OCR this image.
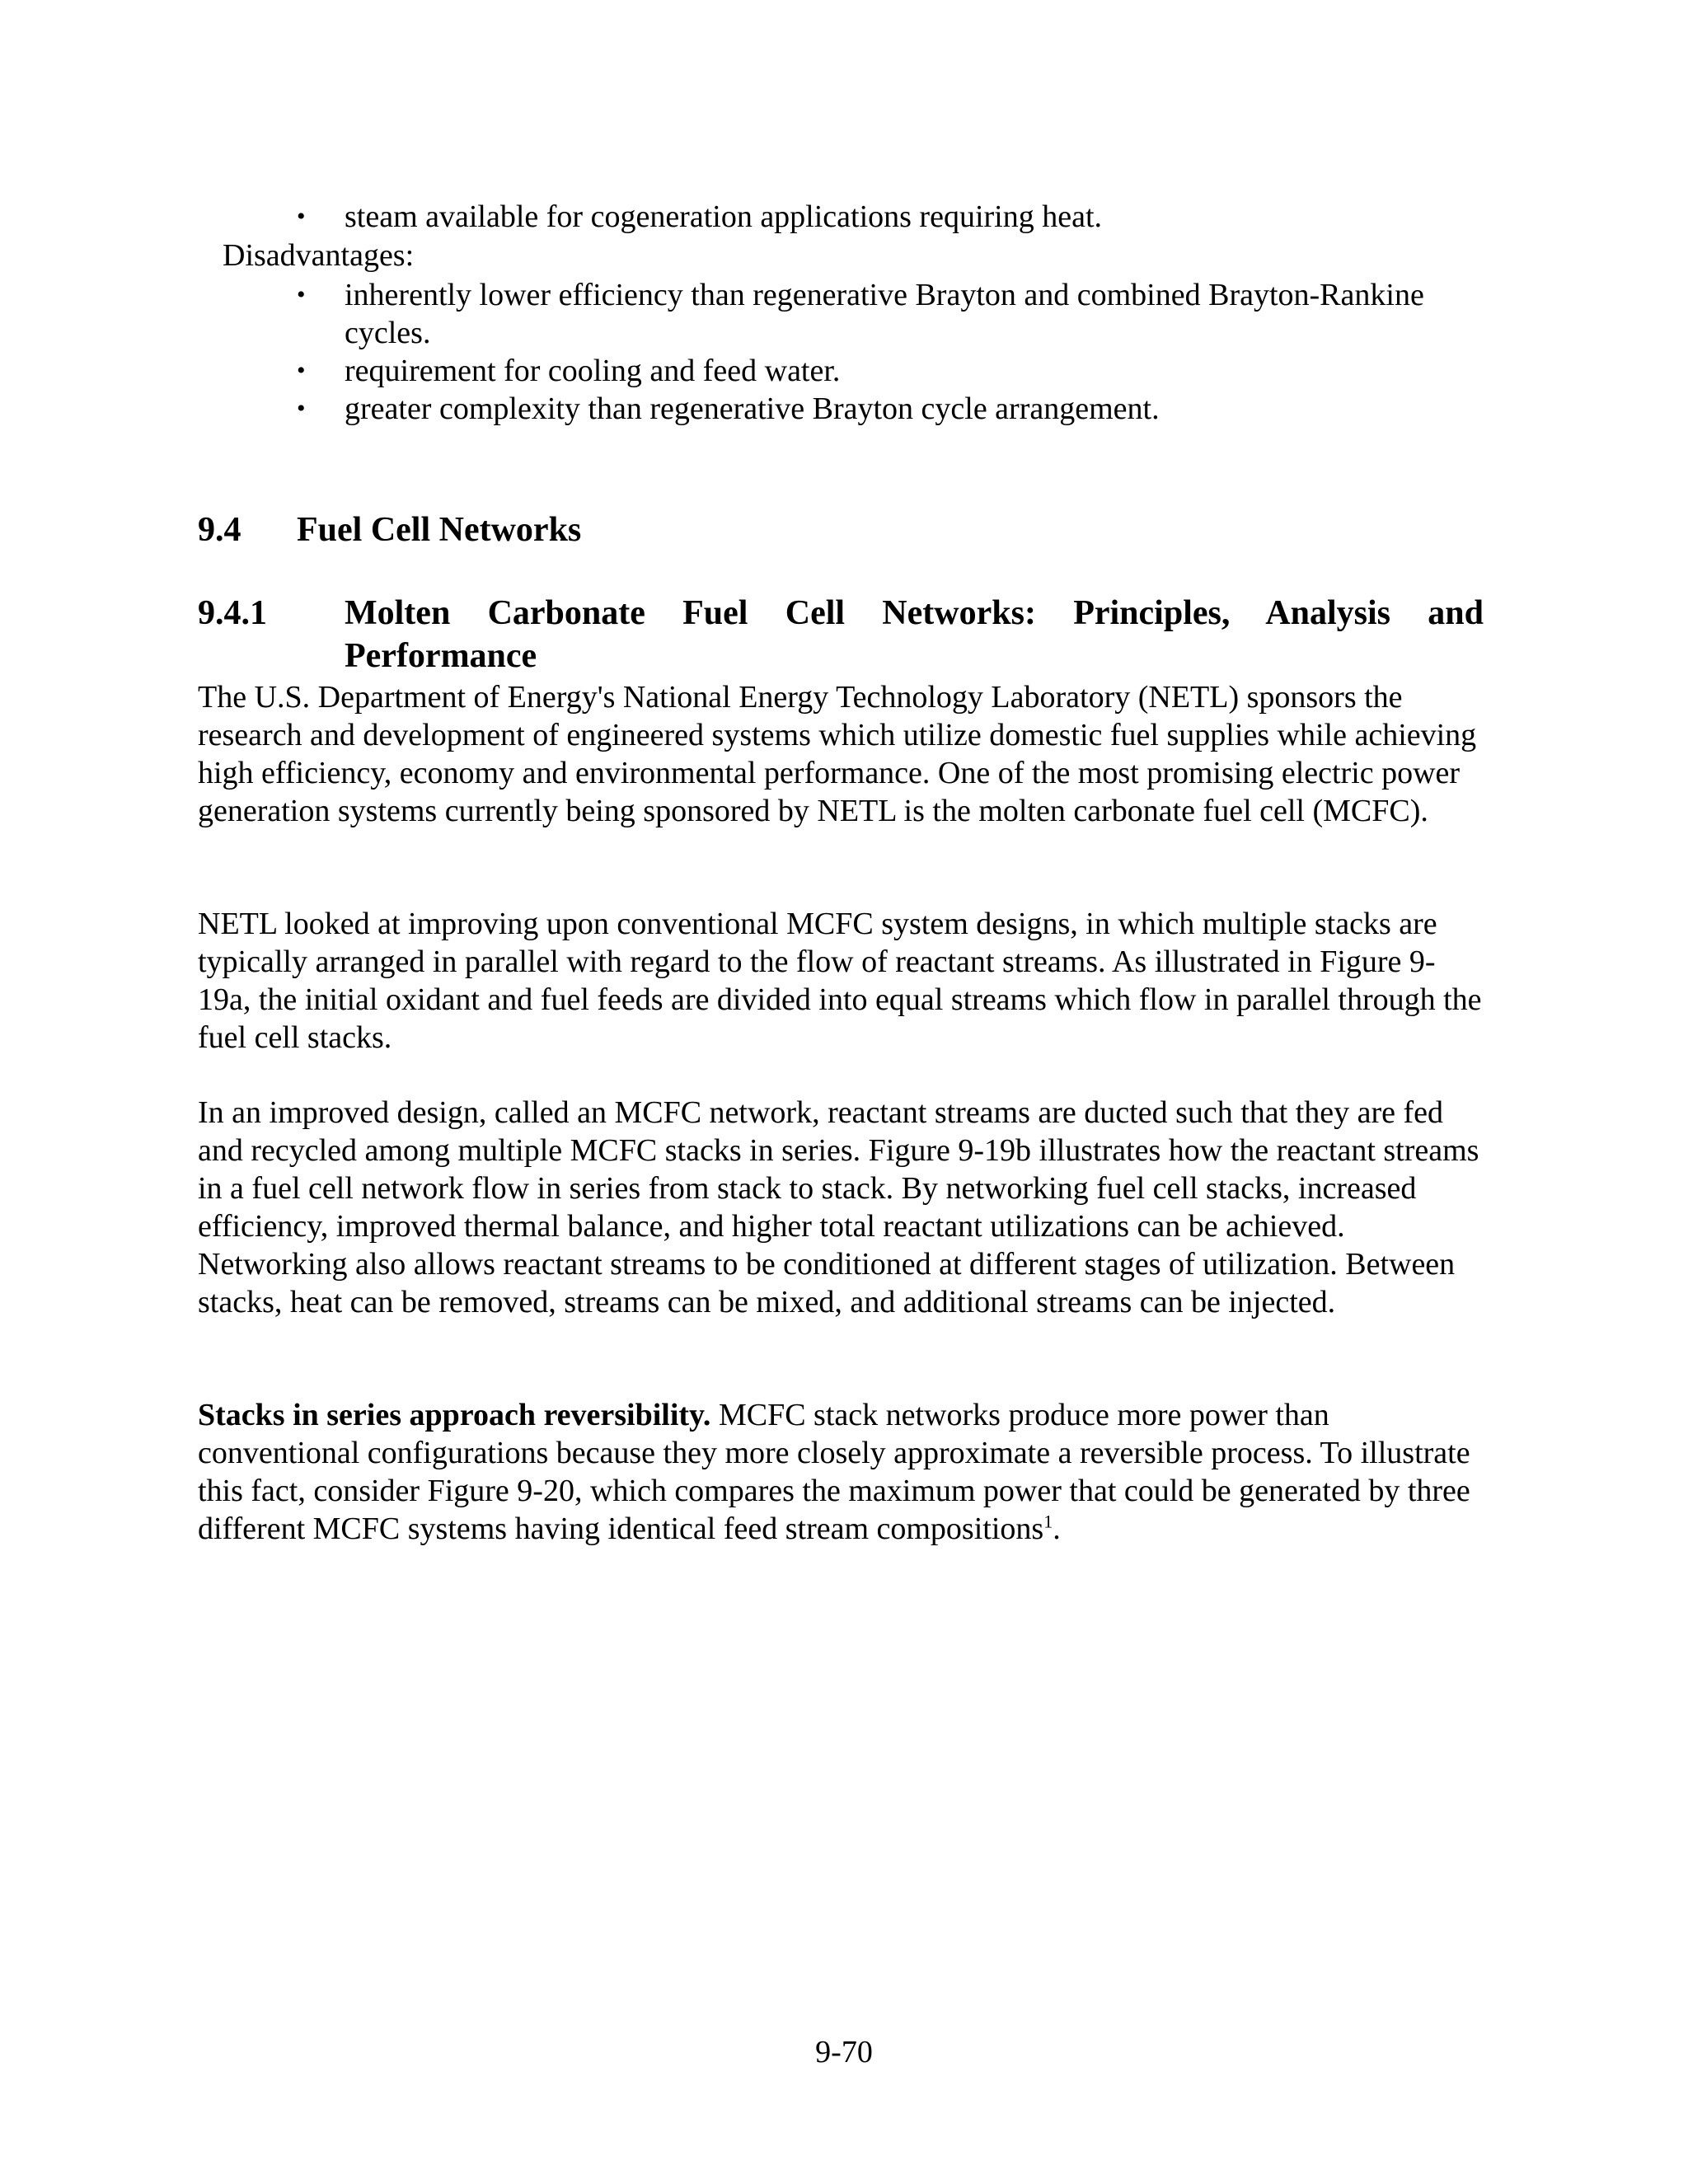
• steam available for cogeneration applications requiring heat.
Disadvantages:
• inherently lower efficiency than regenerative Brayton and combined Brayton-Rankine cycles.
• requirement for cooling and feed water.
• greater complexity than regenerative Brayton cycle arrangement.
9.4 Fuel Cell Networks
9.4.1 Molten Carbonate Fuel Cell Networks: Principles, Analysis and
Performance

The U.S. Department of Energy's National Energy Technology Laboratory (NETL) sponsors the research and development of engineered systems which utilize domestic fuel supplies while achieving high efficiency, economy and environmental performance. One of the most promising electric power generation systems currently being sponsored by NETL is the molten carbonate fuel cell (MCFC).

NETL looked at improving upon conventional MCFC system designs, in which multiple stacks are typically arranged in parallel with regard to the flow of reactant streams. As illustrated in Figure 9-19a, the initial oxidant and fuel feeds are divided into equal streams which flow in parallel through the fuel cell stacks.

In an improved design, called an MCFC network, reactant streams are ducted such that they are fed and recycled among multiple MCFC stacks in series. Figure 9-19b illustrates how the reactant streams in a fuel cell network flow in series from stack to stack. By networking fuel cell stacks, increased efficiency, improved thermal balance, and higher total reactant utilizations can be achieved. Networking also allows reactant streams to be conditioned at different stages of utilization. Between stacks, heat can be removed, streams can be mixed, and additional streams can be injected.

Stacks in series approach reversibility. MCFC stack networks produce more power than conventional configurations because they more closely approximate a reversible process. To illustrate this fact, consider Figure 9-20, which compares the maximum power that could be generated by three different MCFC systems having identical feed stream compositions$^1$.

9-70
